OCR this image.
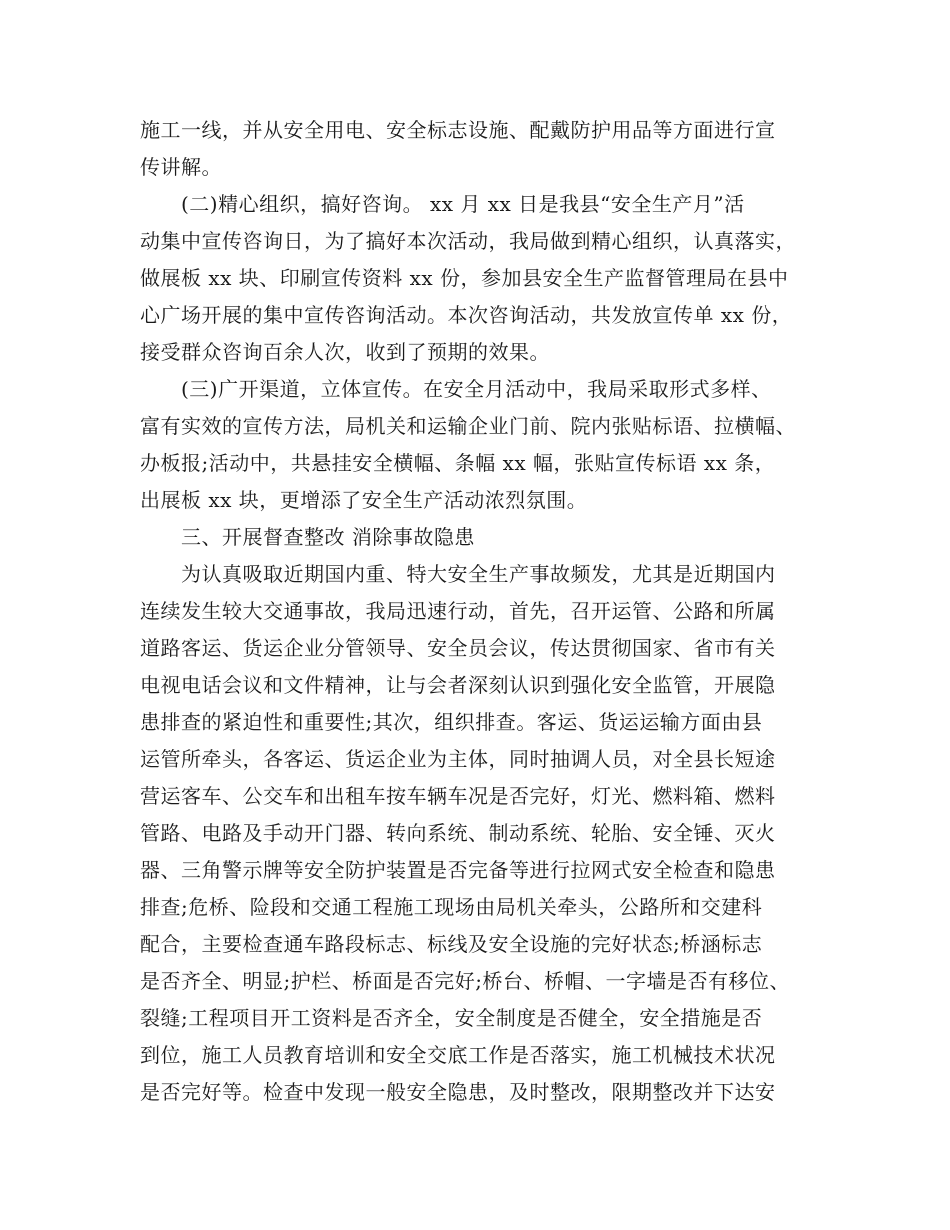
施工一线，并从安全用电、安全标志设施、配戴防护用品等方面进行宣
传讲解。
(二)精心组织，搞好咨询。 xx 月 xx 日是我县“安全生产月”活
动集中宣传咨询日，为了搞好本次活动，我局做到精心组织，认真落实，
做展板 xx 块、印刷宣传资料 xx 份，参加县安全生产监督管理局在县中
心广场开展的集中宣传咨询活动。本次咨询活动，共发放宣传单 xx 份，
接受群众咨询百余人次，收到了预期的效果。
(三)广开渠道，立体宣传。在安全月活动中，我局采取形式多样、
富有实效的宣传方法，局机关和运输企业门前、院内张贴标语、拉横幅、
办板报;活动中，共悬挂安全横幅、条幅 xx 幅，张贴宣传标语 xx 条，
出展板 xx 块，更增添了安全生产活动浓烈氛围。
三、开展督查整改 消除事故隐患
为认真吸取近期国内重、特大安全生产事故频发，尤其是近期国内
连续发生较大交通事故，我局迅速行动，首先，召开运管、公路和所属
道路客运、货运企业分管领导、安全员会议，传达贯彻国家、省市有关
电视电话会议和文件精神，让与会者深刻认识到强化安全监管，开展隐
患排查的紧迫性和重要性;其次，组织排查。客运、货运运输方面由县
运管所牵头，各客运、货运企业为主体，同时抽调人员，对全县长短途
营运客车、公交车和出租车按车辆车况是否完好，灯光、燃料箱、燃料
管路、电路及手动开门器、转向系统、制动系统、轮胎、安全锤、灭火
器、三角警示牌等安全防护装置是否完备等进行拉网式安全检查和隐患
排查;危桥、险段和交通工程施工现场由局机关牵头，公路所和交建科
配合，主要检查通车路段标志、标线及安全设施的完好状态;桥涵标志
是否齐全、明显;护栏、桥面是否完好;桥台、桥帽、一字墙是否有移位、
裂缝;工程项目开工资料是否齐全，安全制度是否健全，安全措施是否
到位，施工人员教育培训和安全交底工作是否落实，施工机械技术状况
是否完好等。检查中发现一般安全隐患，及时整改，限期整改并下达安
